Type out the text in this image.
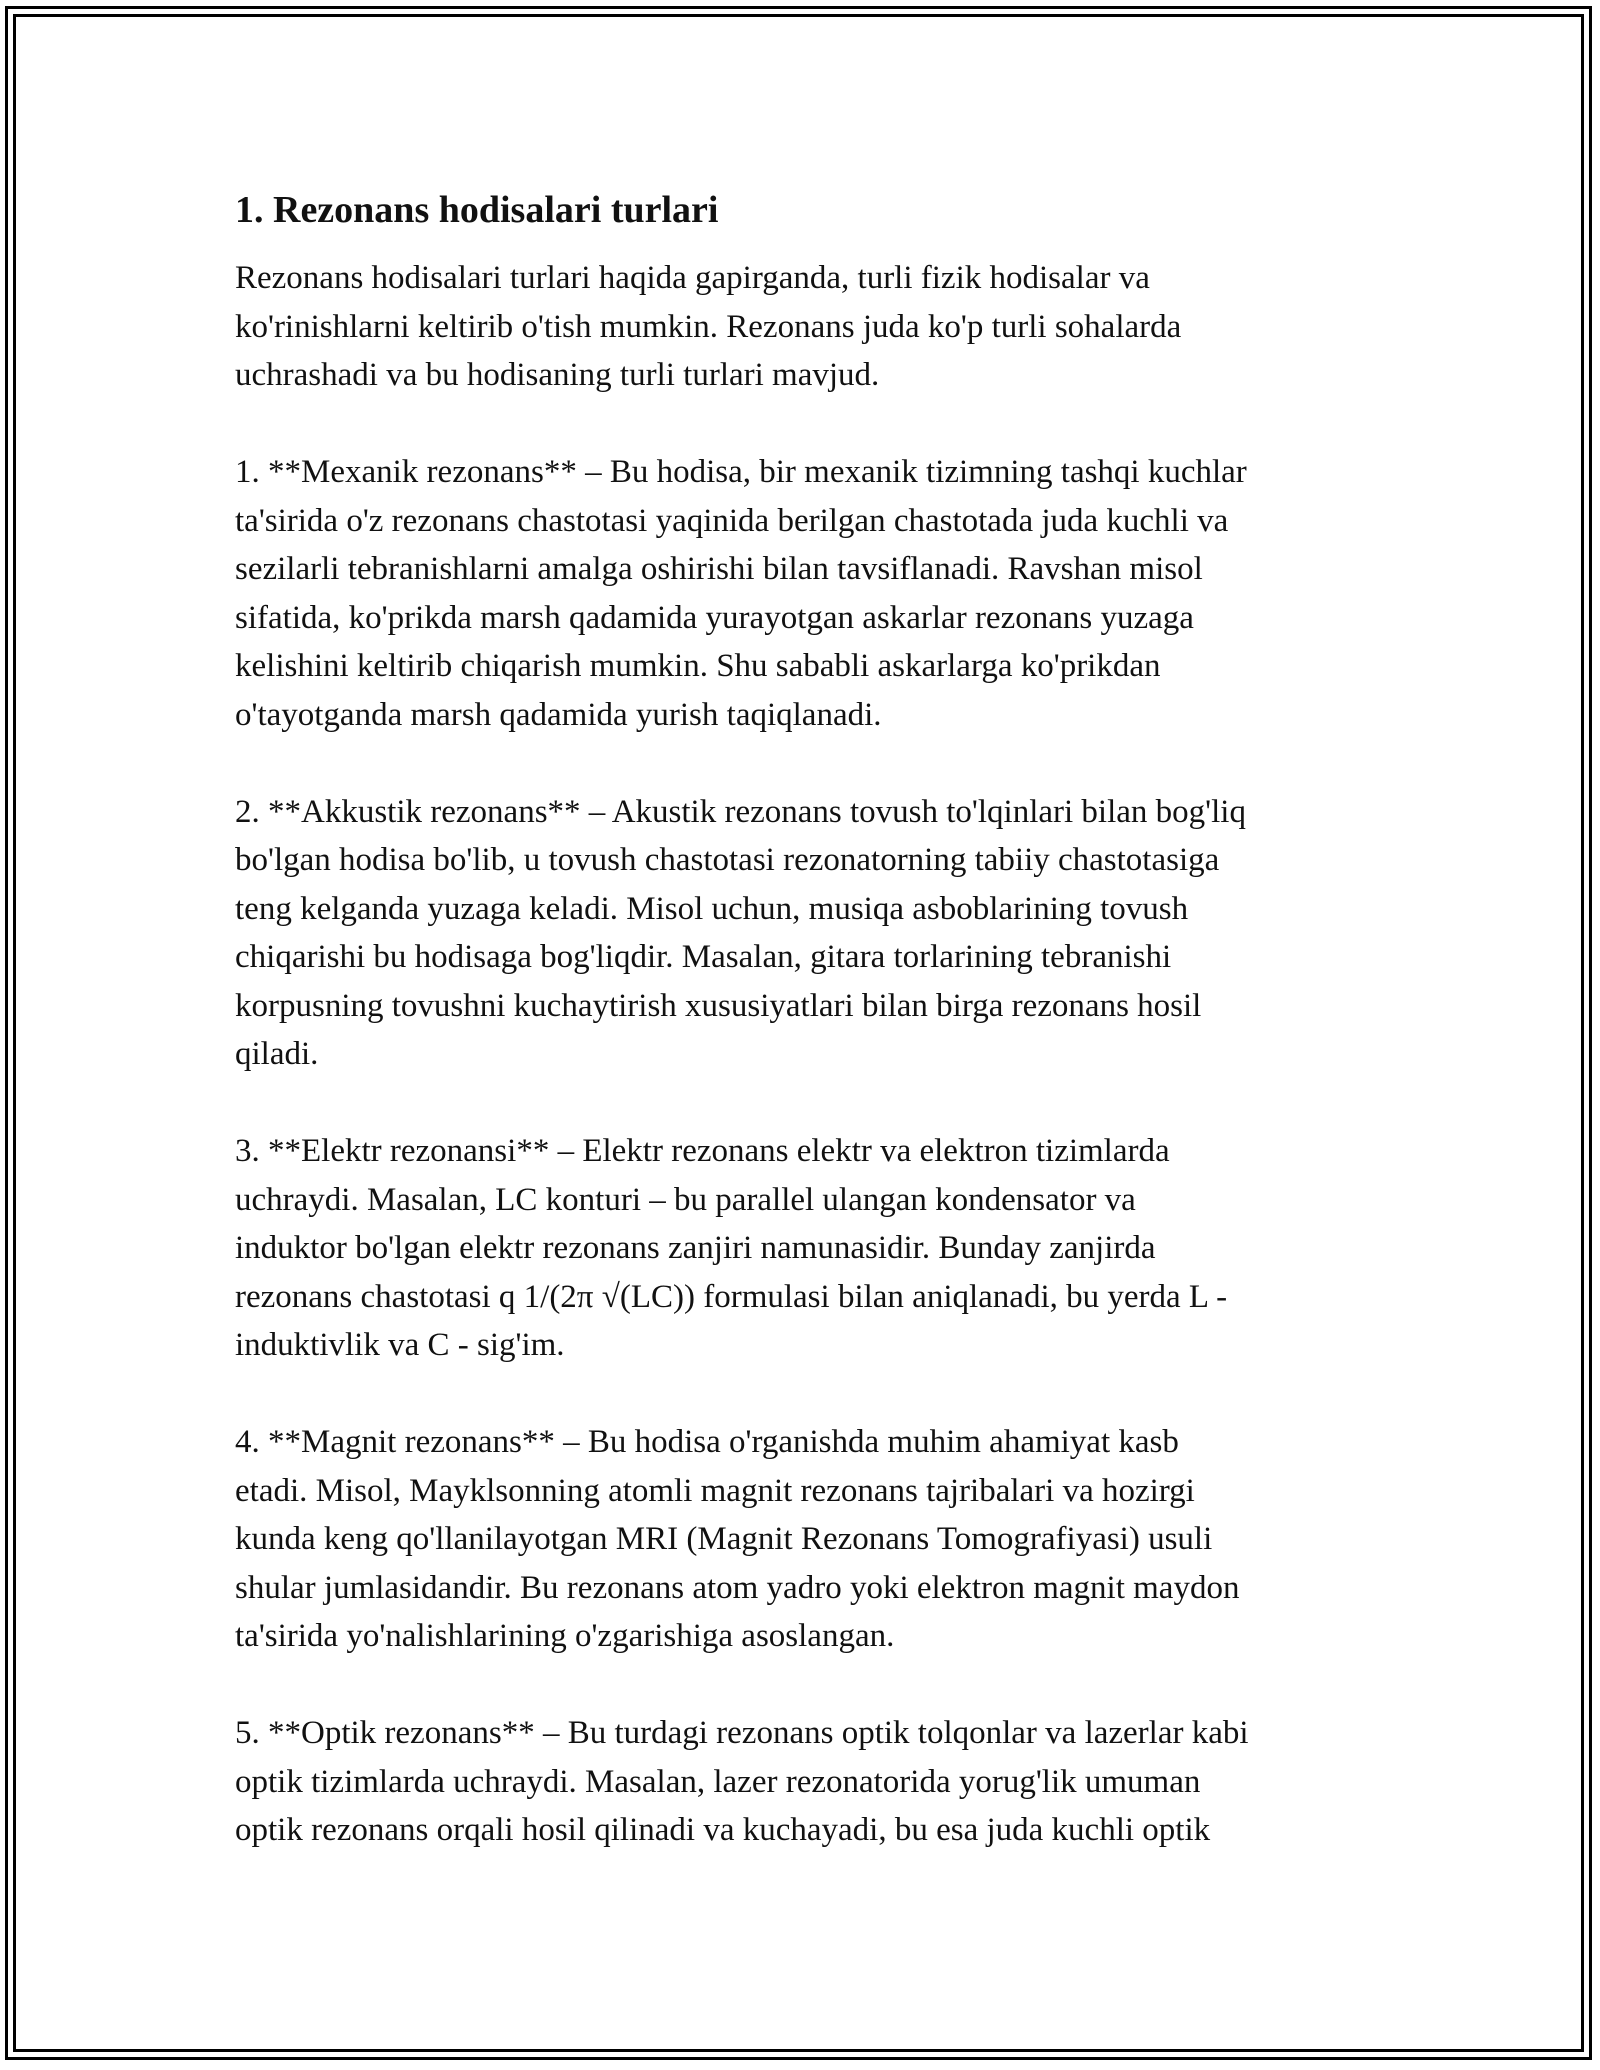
1. Rezonans hodisalari turlari
Rezonans hodisalari turlari haqida gapirganda, turli fizik hodisalar va
ko'rinishlarni keltirib o'tish mumkin. Rezonans juda ko'p turli sohalarda
uchrashadi va bu hodisaning turli turlari mavjud.
1. **Mexanik rezonans** – Bu hodisa, bir mexanik tizimning tashqi kuchlar
ta'sirida o'z rezonans chastotasi yaqinida berilgan chastotada juda kuchli va
sezilarli tebranishlarni amalga oshirishi bilan tavsiflanadi. Ravshan misol
sifatida, ko'prikda marsh qadamida yurayotgan askarlar rezonans yuzaga
kelishini keltirib chiqarish mumkin. Shu sababli askarlarga ko'prikdan
o'tayotganda marsh qadamida yurish taqiqlanadi.
2. **Akkustik rezonans** – Akustik rezonans tovush to'lqinlari bilan bog'liq
bo'lgan hodisa bo'lib, u tovush chastotasi rezonatorning tabiiy chastotasiga
teng kelganda yuzaga keladi. Misol uchun, musiqa asboblarining tovush
chiqarishi bu hodisaga bog'liqdir. Masalan, gitara torlarining tebranishi
korpusning tovushni kuchaytirish xususiyatlari bilan birga rezonans hosil
qiladi.
3. **Elektr rezonansi** – Elektr rezonans elektr va elektron tizimlarda
uchraydi. Masalan, LC konturi – bu parallel ulangan kondensator va
induktor bo'lgan elektr rezonans zanjiri namunasidir. Bunday zanjirda
rezonans chastotasi q 1/(2π √(LC)) formulasi bilan aniqlanadi, bu yerda L -
induktivlik va C - sig'im.
4. **Magnit rezonans** – Bu hodisa o'rganishda muhim ahamiyat kasb
etadi. Misol, Mayklsonning atomli magnit rezonans tajribalari va hozirgi
kunda keng qo'llanilayotgan MRI (Magnit Rezonans Tomografiyasi) usuli
shular jumlasidandir. Bu rezonans atom yadro yoki elektron magnit maydon
ta'sirida yo'nalishlarining o'zgarishiga asoslangan.
5. **Optik rezonans** – Bu turdagi rezonans optik tolqonlar va lazerlar kabi
optik tizimlarda uchraydi. Masalan, lazer rezonatorida yorug'lik umuman
optik rezonans orqali hosil qilinadi va kuchayadi, bu esa juda kuchli optik
